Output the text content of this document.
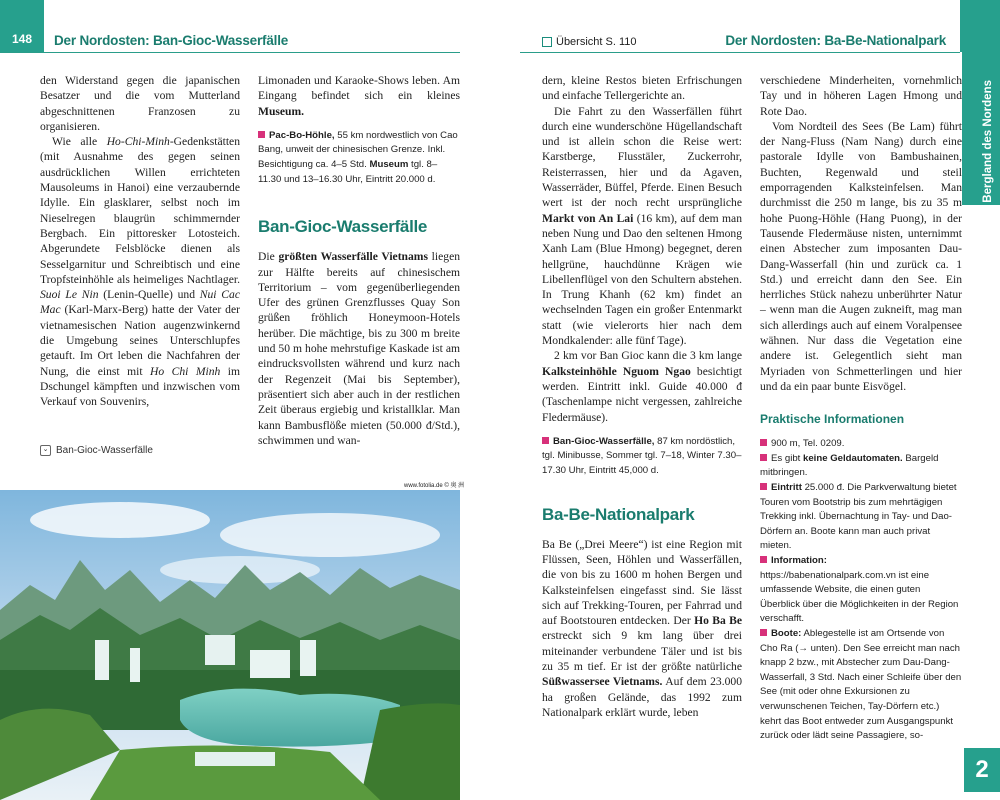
148	Der Nordosten: Ban-Gioc-Wasserfälle

den Widerstand gegen die japanischen Besatzer und die vom Mutterland abgeschnittenen Franzosen zu organisieren.

Wie alle Ho-Chi-Minh-Gedenkstätten (mit Ausnahme des gegen seinen ausdrücklichen Willen errichteten Mausoleums in Hanoi) eine verzaubernde Idylle. Ein glasklarer, selbst noch im Nieselregen blaugrün schimmernder Bergbach. Ein pittoresker Lotosteich. Abgerundete Felsblöcke dienen als Sesselgarnitur und Schreibtisch und eine Tropfsteinhöhle als heimeliges Nachtlager. Suoi Le Nin (Lenin-Quelle) und Nui Cac Mac (Karl-Marx-Berg) hatte der Vater der vietnamesischen Nation augenzwinkernd die Umgebung seines Unterschlupfes getauft. Im Ort leben die Nachfahren der Nung, die einst mit Ho Chi Minh im Dschungel kämpften und inzwischen vom Verkauf von Souvenirs,

Limonaden und Karaoke-Shows leben. Am Eingang befindet sich ein kleines Museum.

Pac-Bo-Höhle, 55 km nordwestlich von Cao Bang, unweit der chinesischen Grenze. Inkl. Besichtigung ca. 4–5 Std. Museum tgl. 8–11.30 und 13–16.30 Uhr, Eintritt 20.000 d.

Ban-Gioc-Wasserfälle

Die größten Wasserfälle Vietnams liegen zur Hälfte bereits auf chinesischem Territorium – vom gegenüberliegenden Ufer des grünen Grenzflusses Quay Son grüßen fröhlich Honeymoon-Hotels herüber. Die mächtige, bis zu 300 m breite und 50 m hohe mehrstufige Kaskade ist am eindrucksvollsten während und kurz nach der Regenzeit (Mai bis September), präsentiert sich aber auch in der restlichen Zeit überaus ergiebig und kristallklar. Man kann Bambusflöße mieten (50.000 đ/Std.), schwimmen und wan-

⌄ Ban-Gioc-Wasserfälle
www.fotolia.de © 奥 洲
Übersicht S. 110	Der Nordosten: Ba-Be-Nationalpark

dern, kleine Restos bieten Erfrischungen und einfache Tellergerichte an.

Die Fahrt zu den Wasserfällen führt durch eine wunderschöne Hügellandschaft und ist allein schon die Reise wert: Karstberge, Flusstäler, Zuckerrohr, Reisterrassen, hier und da Agaven, Wasserräder, Büffel, Pferde. Einen Besuch wert ist der noch recht ursprüngliche Markt von An Lai (16 km), auf dem man neben Nung und Dao den seltenen Hmong Xanh Lam (Blue Hmong) begegnet, deren hellgrüne, hauchdünne Krägen wie Libellenflügel von den Schultern abstehen. In Trung Khanh (62 km) findet an wechselnden Tagen ein großer Entenmarkt statt (wie vielerorts hier nach dem Mondkalender: alle fünf Tage).

2 km vor Ban Gioc kann die 3 km lange Kalksteinhöhle Nguom Ngao besichtigt werden. Eintritt inkl. Guide 40.000 đ (Taschenlampe nicht vergessen, zahlreiche Fledermäuse).

Ban-Gioc-Wasserfälle, 87 km nordöstlich, tgl. Minibusse, Sommer tgl. 7–18, Winter 7.30–17.30 Uhr, Eintritt 45,000 d.

Ba-Be-Nationalpark

Ba Be („Drei Meere“) ist eine Region mit Flüssen, Seen, Höhlen und Wasserfällen, die von bis zu 1600 m hohen Bergen und Kalksteinfelsen eingefasst sind. Sie lässt sich auf Trekking-Touren, per Fahrrad und auf Bootstouren entdecken. Der Ho Ba Be erstreckt sich 9 km lang über drei miteinander verbundene Täler und ist bis zu 35 m tief. Er ist der größte natürliche Süßwassersee Vietnams. Auf dem 23.000 ha großen Gelände, das 1992 zum Nationalpark erklärt wurde, leben

verschiedene Minderheiten, vornehmlich Tay und in höheren Lagen Hmong und Rote Dao.

Vom Nordteil des Sees (Be Lam) führt der Nang-Fluss (Nam Nang) durch eine pastorale Idylle von Bambushainen, Buchten, Regenwald und steil emporragenden Kalksteinfelsen. Man durchmisst die 250 m lange, bis zu 35 m hohe Puong-Höhle (Hang Puong), in der Tausende Fledermäuse nisten, unternimmt einen Abstecher zum imposanten Dau-Dang-Wasserfall (hin und zurück ca. 1 Std.) und erreicht dann den See. Ein herrliches Stück nahezu unberührter Natur – wenn man die Augen zukneift, mag man sich allerdings auch auf einem Voralpensee wähnen. Nur dass die Vegetation eine andere ist. Gelegentlich sieht man Myriaden von Schmetterlingen und hier und da ein paar bunte Eisvögel.

Praktische Informationen

900 m, Tel. 0209.

Es gibt keine Geldautomaten. Bargeld mitbringen.

Eintritt 25.000 đ. Die Parkverwaltung bietet Touren vom Bootstrip bis zum mehrtägigen Trekking inkl. Übernachtung in Tay- und Dao-Dörfern an. Boote kann man auch privat mieten.

Information: https://babenationalpark.com.vn ist eine umfassende Website, die einen guten Überblick über die Möglichkeiten in der Region verschafft.

Boote: Ablegestelle ist am Ortsende von Cho Ra (→ unten). Den See erreicht man nach knapp 2 bzw., mit Abstecher zum Dau-Dang-Wasserfall, 3 Std. Nach einer Schleife über den See (mit oder ohne Exkursionen zu verwunschenen Teichen, Tay-Dörfern etc.) kehrt das Boot entweder zum Ausgangspunkt zurück oder lädt seine Passagiere, so-

Bergland des Nordens
2
